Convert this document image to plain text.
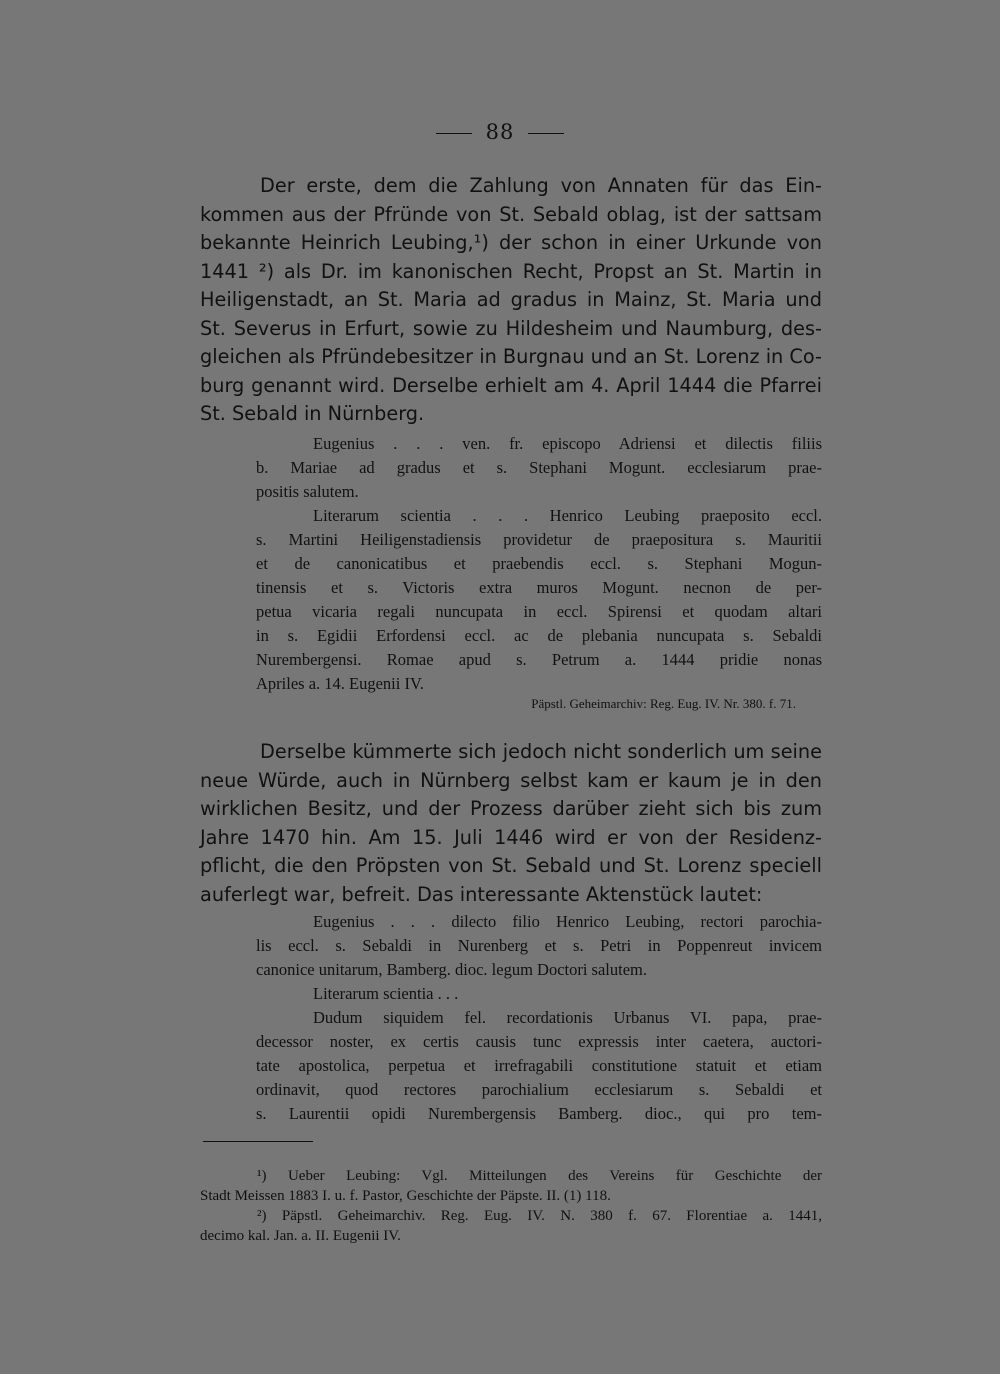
88
Der erste, dem die Zahlung von Annaten für das Ein-
kommen aus der Pfründe von St. Sebald oblag, ist der sattsam
bekannte Heinrich Leubing,¹) der schon in einer Urkunde von
1441 ²) als Dr. im kanonischen Recht, Propst an St. Martin in
Heiligenstadt, an St. Maria ad gradus in Mainz, St. Maria und
St. Severus in Erfurt, sowie zu Hildesheim und Naumburg, des-
gleichen als Pfründebesitzer in Burgnau und an St. Lorenz in Co-
burg genannt wird. Derselbe erhielt am 4. April 1444 die Pfarrei
St. Sebald in Nürnberg.
Eugenius . . . ven. fr. episcopo Adriensi et dilectis filiis
b. Mariae ad gradus et s. Stephani Mogunt. ecclesiarum prae-
positis salutem.
Literarum scientia . . . Henrico Leubing praeposito eccl.
s. Martini Heiligenstadiensis providetur de praepositura s. Mauritii
et de canonicatibus et praebendis eccl. s. Stephani Mogun-
tinensis et s. Victoris extra muros Mogunt. necnon de per-
petua vicaria regali nuncupata in eccl. Spirensi et quodam altari
in s. Egidii Erfordensi eccl. ac de plebania nuncupata s. Sebaldi
Nurembergensi. Romae apud s. Petrum a. 1444 pridie nonas
Apriles a. 14. Eugenii IV.
Päpstl. Geheimarchiv: Reg. Eug. IV. Nr. 380. f. 71.
Derselbe kümmerte sich jedoch nicht sonderlich um seine
neue Würde, auch in Nürnberg selbst kam er kaum je in den
wirklichen Besitz, und der Prozess darüber zieht sich bis zum
Jahre 1470 hin. Am 15. Juli 1446 wird er von der Residenz-
pflicht, die den Pröpsten von St. Sebald und St. Lorenz speciell
auferlegt war, befreit. Das interessante Aktenstück lautet:
Eugenius . . . dilecto filio Henrico Leubing, rectori parochia-
lis eccl. s. Sebaldi in Nurenberg et s. Petri in Poppenreut invicem
canonice unitarum, Bamberg. dioc. legum Doctori salutem.
Literarum scientia . . .
Dudum siquidem fel. recordationis Urbanus VI. papa, prae-
decessor noster, ex certis causis tunc expressis inter caetera, auctori-
tate apostolica, perpetua et irrefragabili constitutione statuit et etiam
ordinavit, quod rectores parochialium ecclesiarum s. Sebaldi et
s. Laurentii opidi Nurembergensis Bamberg. dioc., qui pro tem-
¹) Ueber Leubing: Vgl. Mitteilungen des Vereins für Geschichte der
Stadt Meissen 1883 I. u. f. Pastor, Geschichte der Päpste. II. (1) 118.
²) Päpstl. Geheimarchiv. Reg. Eug. IV. N. 380 f. 67. Florentiae a. 1441,
decimo kal. Jan. a. II. Eugenii IV.
